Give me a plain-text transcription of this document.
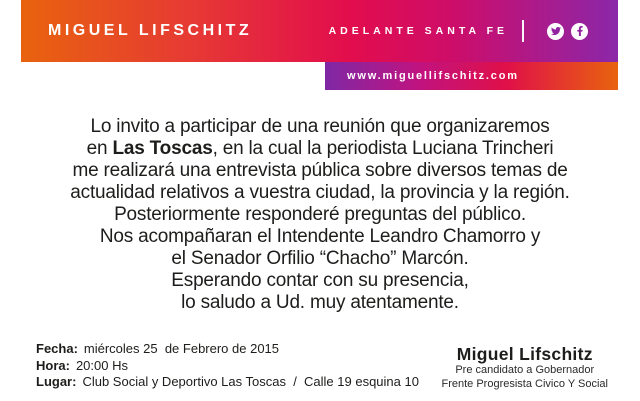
MIGUEL LIFSCHITZ	ADELANTE SANTA FE
www.miguellifschitz.com

Lo invito a participar de una reunión que organizaremos

en Las Toscas, en la cual la periodista Luciana Trincheri

me realizará una entrevista pública sobre diversos temas de

actualidad relativos a vuestra ciudad, la provincia y la región.

Posteriormente responderé preguntas del público.

Nos acompañaran el Intendente Leandro Chamorro y

el Senador Orfilio “Chacho” Marcón.

Esperando contar con su presencia,

lo saludo a Ud. muy atentamente.

Fecha: miércoles 25  de Febrero de 2015
Hora: 20:00 Hs
Lugar: Club Social y Deportivo Las Toscas  /  Calle 19 esquina 10
Miguel Lifschitz
Pre candidato a Gobernador
Frente Progresista Civico Y Social
